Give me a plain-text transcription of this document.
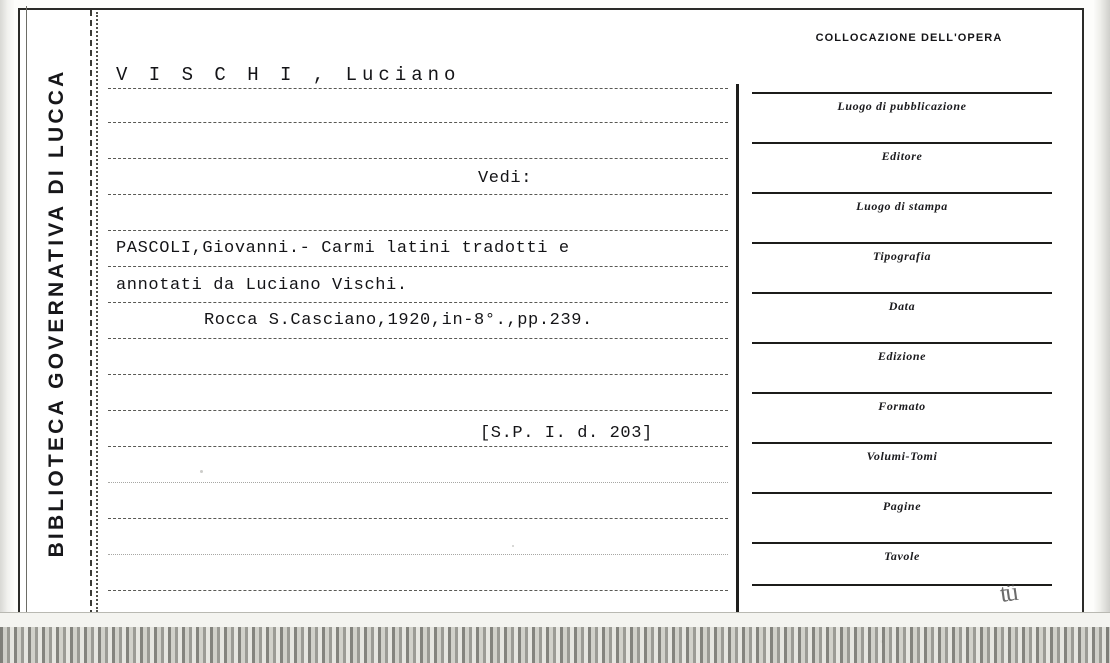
BIBLIOTECA GOVERNATIVA DI LUCCA	V I S C H I , Luciano
Vedi:
PASCOLI,Giovanni.- Carmi latini tradotti e
annotati da Luciano Vischi.
Rocca S.Casciano,1920,in-8°.,pp.239.
[S.P. I. d. 203]
COLLOCAZIONE DELL'OPERA
Luogo di pubblicazione
Editore
Luogo di stampa
Tipografia
Data
Edizione
Formato
Volumi-Tomi
Pagine
Tavole
tü
